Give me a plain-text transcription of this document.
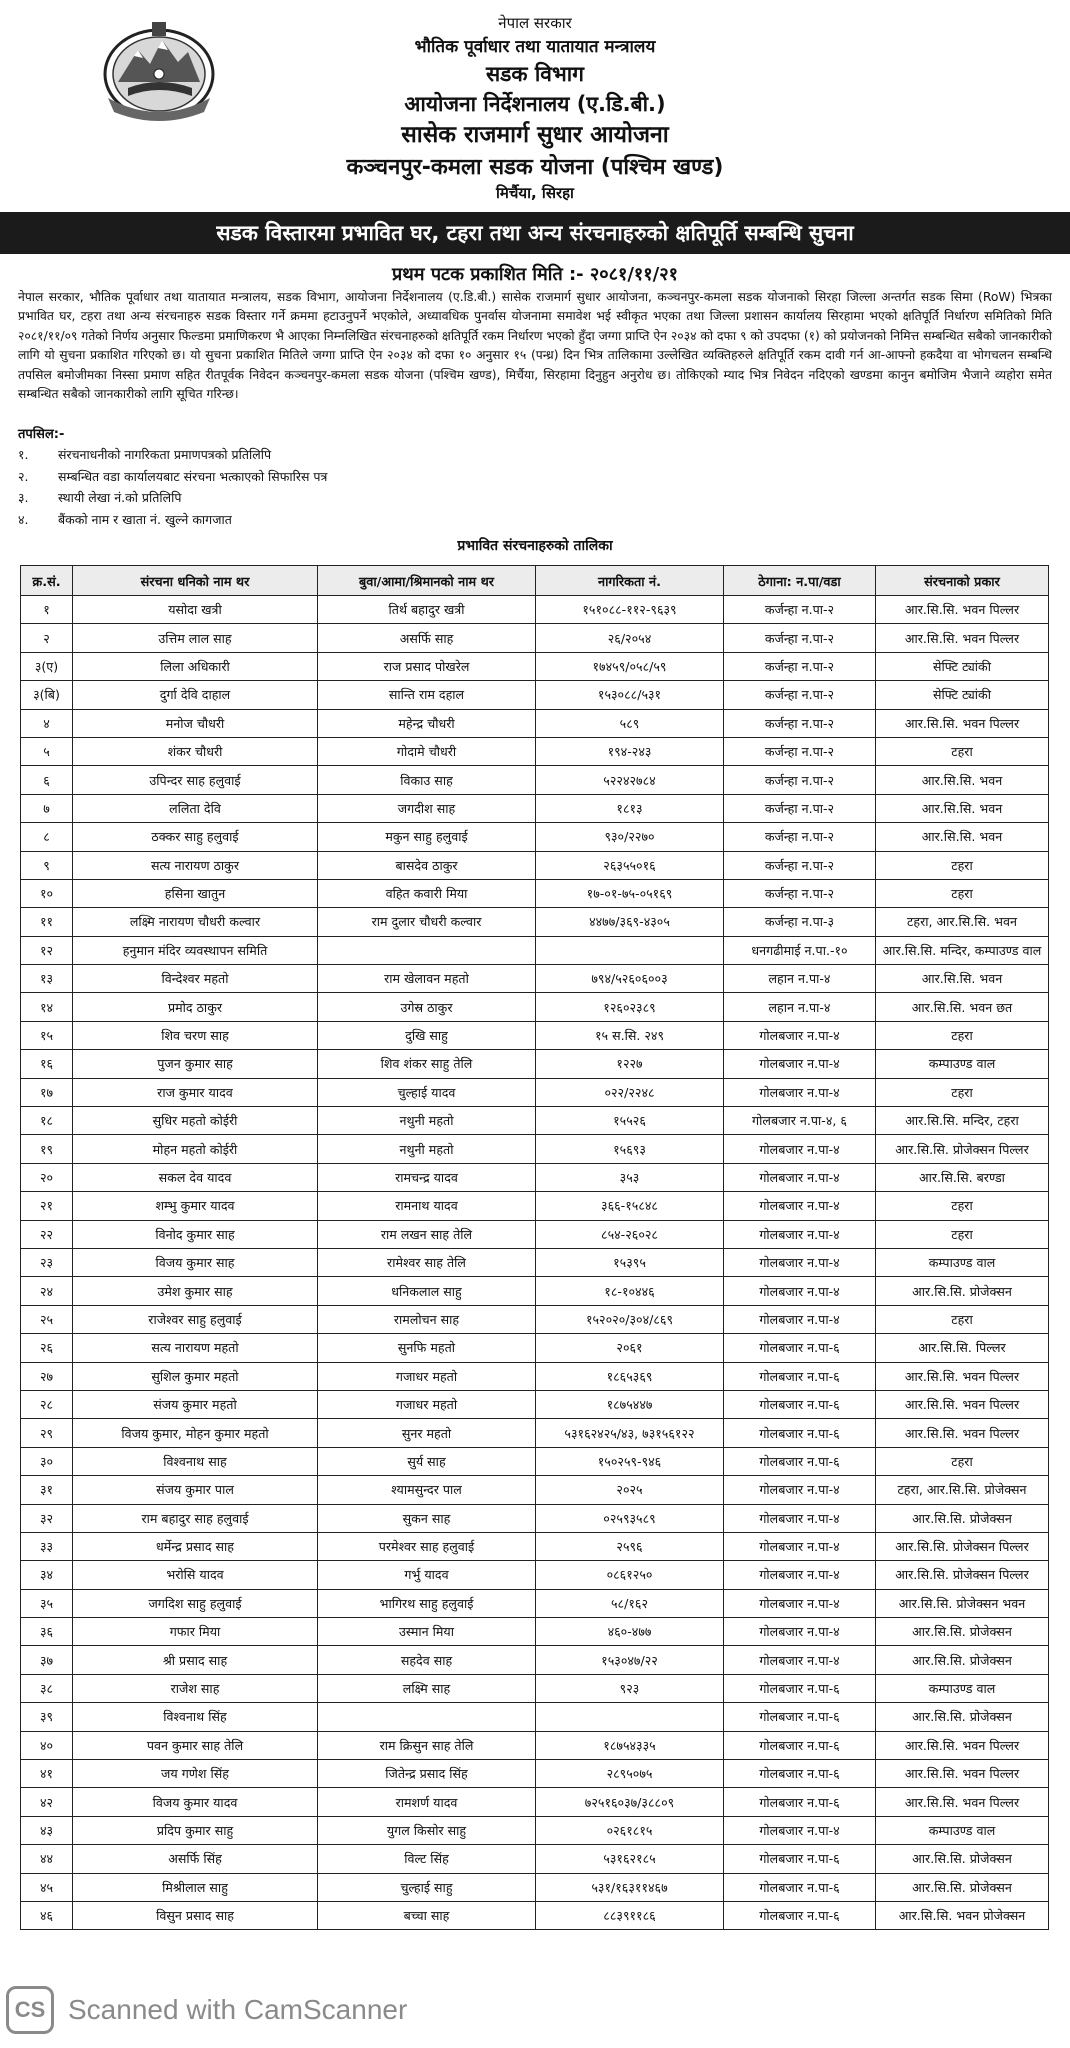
नेपाल सरकार
भौतिक पूर्वाधार तथा यातायात मन्त्रालय
सडक विभाग
आयोजना निर्देशनालय (ए.डि.बी.)
सासेक राजमार्ग सुधार आयोजना
कञ्चनपुर-कमला सडक योजना (पश्चिम खण्ड)
मिर्चैया, सिरहा
सडक विस्तारमा प्रभावित घर, टहरा तथा अन्य संरचनाहरुको क्षतिपूर्ति सम्बन्धि सुचना
प्रथम पटक प्रकाशित मिति :- २०८१/११/२१

नेपाल सरकार, भौतिक पूर्वाधार तथा यातायात मन्त्रालय, सडक विभाग, आयोजना निर्देशनालय (ए.डि.बी.) सासेक राजमार्ग सुधार आयोजना, कञ्चनपुर-कमला सडक योजनाको सिरहा जिल्ला अन्तर्गत सडक सिमा (RoW) भित्रका प्रभावित घर, टहरा तथा अन्य संरचनाहरु सडक विस्तार गर्ने क्रममा हटाउनुपर्ने भएकोले, अध्यावधिक पुनर्वास योजनामा समावेश भई स्वीकृत भएका तथा जिल्ला प्रशासन कार्यालय सिरहामा भएको क्षतिपूर्ति निर्धारण समितिको मिति २०८१/११/०९ गतेको निर्णय अनुसार फिल्डमा प्रमाणिकरण भै आएका निम्नलिखित संरचनाहरुको क्षतिपूर्ति रकम निर्धारण भएको हुँदा जग्गा प्राप्ति ऐन २०३४ को दफा ९ को उपदफा (१) को प्रयोजनको निमित्त सम्बन्धित सबैको जानकारीको लागि यो सुचना प्रकाशित गरिएको छ। यो सुचना प्रकाशित मितिले जग्गा प्राप्ति ऐन २०३४ को दफा १० अनुसार १५ (पन्ध्र) दिन भित्र तालिकामा उल्लेखित व्यक्तिहरुले क्षतिपूर्ति रकम दावी गर्न आ-आफ्नो हकदैया वा भोगचलन सम्बन्धि तपसिल बमोजीमका निस्सा प्रमाण सहित रीतपूर्वक निवेदन कञ्चनपुर-कमला सडक योजना (पश्चिम खण्ड), मिर्चैया, सिरहामा दिनुहुन अनुरोध छ। तोकिएको म्याद भित्र निवेदन नदिएको खण्डमा कानुन बमोजिम भैजाने व्यहोरा समेत सम्बन्धित सबैको जानकारीको लागि सूचित गरिन्छ।

तपसिल:-
१. संरचनाधनीको नागरिकता प्रमाणपत्रको प्रतिलिपि
२. सम्बन्धित वडा कार्यालयबाट संरचना भत्काएको सिफारिस पत्र
३. स्थायी लेखा नं.को प्रतिलिपि
४. बैंकको नाम र खाता नं. खुल्ने कागजात
प्रभावित संरचनाहरुको तालिका
क्र.सं.	संरचना धनिको नाम थर	बुवा/आमा/श्रिमानको नाम थर	नागरिकता नं.	ठेगाना: न.पा/वडा	संरचनाको प्रकार
१	यसोदा खत्री	तिर्थ बहादुर खत्री	१५१०८८-११२-९६३९	कर्जन्हा न.पा-२	आर.सि.सि. भवन पिल्लर
२	उत्तिम लाल साह	असर्फि साह	२६/२०५४	कर्जन्हा न.पा-२	आर.सि.सि. भवन पिल्लर
३(ए)	लिला अधिकारी	राज प्रसाद पोखरेल	१७४५९/०५८/५९	कर्जन्हा न.पा-२	सेफ्टि ट्यांकी
३(बि)	दुर्गा देवि दाहाल	सान्ति राम दहाल	१५३०८८/५३१	कर्जन्हा न.पा-२	सेफ्टि ट्यांकी
४	मनोज चौधरी	महेन्द्र चौधरी	५८९	कर्जन्हा न.पा-२	आर.सि.सि. भवन पिल्लर
५	शंकर चौधरी	गोदामे चौधरी	१९४-२४३	कर्जन्हा न.पा-२	टहरा
६	उपिन्दर साह हलुवाई	विकाउ साह	५२२४२७८४	कर्जन्हा न.पा-२	आर.सि.सि. भवन
७	ललिता देवि	जगदीश साह	१८१३	कर्जन्हा न.पा-२	आर.सि.सि. भवन
८	ठक्कर साहु हलुवाई	मकुन साहु हलुवाई	९३०/२२७०	कर्जन्हा न.पा-२	आर.सि.सि. भवन
९	सत्य नारायण ठाकुर	बासदेव ठाकुर	२६३५५०१६	कर्जन्हा न.पा-२	टहरा
१०	हसिना खातुन	वहित कवारी मिया	१७-०१-७५-०५१६९	कर्जन्हा न.पा-२	टहरा
११	लक्ष्मि नारायण चौधरी कल्वार	राम दुलार चौधरी कल्वार	४४७७/३६९-४३०५	कर्जन्हा न.पा-३	टहरा, आर.सि.सि. भवन
१२	हनुमान मंदिर व्यवस्थापन समिति			धनगढीमाई न.पा.-१०	आर.सि.सि. मन्दिर, कम्पाउण्ड वाल
१३	विन्देश्वर महतो	राम खेलावन महतो	७९४/५२६०६००३	लहान न.पा-४	आर.सि.सि. भवन
१४	प्रमोद ठाकुर	उगेस्र ठाकुर	१२६०२३८९	लहान न.पा-४	आर.सि.सि. भवन छत
१५	शिव चरण साह	दुखि साहु	१५ स.सि. २४९	गोलबजार न.पा-४	टहरा
१६	पुजन कुमार साह	शिव शंकर साहु तेलि	१२२७	गोलबजार न.पा-४	कम्पाउण्ड वाल
१७	राज कुमार यादव	चुल्हाई यादव	०२२/२२४८	गोलबजार न.पा-४	टहरा
१८	सुधिर महतो कोईरी	नथुनी महतो	१५५२६	गोलबजार न.पा-४, ६	आर.सि.सि. मन्दिर, टहरा
१९	मोहन महतो कोईरी	नथुनी महतो	१५६९३	गोलबजार न.पा-४	आर.सि.सि. प्रोजेक्सन पिल्लर
२०	सकल देव यादव	रामचन्द्र यादव	३५३	गोलबजार न.पा-४	आर.सि.सि. बरण्डा
२१	शम्भु कुमार यादव	रामनाथ यादव	३६६-१५८४८	गोलबजार न.पा-४	टहरा
२२	विनोद कुमार साह	राम लखन साह तेलि	८५४-२६०२८	गोलबजार न.पा-४	टहरा
२३	विजय कुमार साह	रामेश्वर साह तेलि	१५३९५	गोलबजार न.पा-४	कम्पाउण्ड वाल
२४	उमेश कुमार साह	धनिकलाल साहु	१८-१०४४६	गोलबजार न.पा-४	आर.सि.सि. प्रोजेक्सन
२५	राजेश्वर साहु हलुवाई	रामलोचन साह	१५२०२०/३०४/८६९	गोलबजार न.पा-४	टहरा
२६	सत्य नारायण महतो	सुनफि महतो	२०६१	गोलबजार न.पा-६	आर.सि.सि. पिल्लर
२७	सुशिल कुमार महतो	गजाधर महतो	१८६५३६९	गोलबजार न.पा-६	आर.सि.सि. भवन पिल्लर
२८	संजय कुमार महतो	गजाधर महतो	१८७५४४७	गोलबजार न.पा-६	आर.सि.सि. भवन पिल्लर
२९	विजय कुमार, मोहन कुमार महतो	सुनर महतो	५३१६२४२५/४३, ७३१५६१२२	गोलबजार न.पा-६	आर.सि.सि. भवन पिल्लर
३०	विश्वनाथ साह	सुर्य साह	१५०२५९-९४६	गोलबजार न.पा-६	टहरा
३१	संजय कुमार पाल	श्यामसुन्दर पाल	२०२५	गोलबजार न.पा-४	टहरा, आर.सि.सि. प्रोजेक्सन
३२	राम बहादुर साह हलुवाई	सुकन साह	०२५९३५८९	गोलबजार न.पा-४	आर.सि.सि. प्रोजेक्सन
३३	धर्मेन्द्र प्रसाद साह	परमेश्वर साह हलुवाई	२५९६	गोलबजार न.पा-४	आर.सि.सि. प्रोजेक्सन पिल्लर
३४	भरोसि यादव	गर्भु यादव	०८६१२५०	गोलबजार न.पा-४	आर.सि.सि. प्रोजेक्सन पिल्लर
३५	जगदिश साहु हलुवाई	भागिरथ साहु हलुवाई	५८/१६२	गोलबजार न.पा-४	आर.सि.सि. प्रोजेक्सन भवन
३६	गफार मिया	उस्मान मिया	४६०-४७७	गोलबजार न.पा-४	आर.सि.सि. प्रोजेक्सन
३७	श्री प्रसाद साह	सहदेव साह	१५३०४७/२२	गोलबजार न.पा-४	आर.सि.सि. प्रोजेक्सन
३८	राजेश साह	लक्ष्मि साह	९२३	गोलबजार न.पा-६	कम्पाउण्ड वाल
३९	विश्वनाथ सिंह			गोलबजार न.पा-६	आर.सि.सि. प्रोजेक्सन
४०	पवन कुमार साह तेलि	राम क्रिसुन साह तेलि	१८७५४३३५	गोलबजार न.पा-६	आर.सि.सि. भवन पिल्लर
४१	जय गणेश सिंह	जितेन्द्र प्रसाद सिंह	२८९५०७५	गोलबजार न.पा-६	आर.सि.सि. भवन पिल्लर
४२	विजय कुमार यादव	रामशर्ण यादव	७२५१६०३७/३८८०९	गोलबजार न.पा-६	आर.सि.सि. भवन पिल्लर
४३	प्रदिप कुमार साहु	युगल किसोर साहु	०२६१८१५	गोलबजार न.पा-४	कम्पाउण्ड वाल
४४	असर्फि सिंह	विल्ट सिंह	५३१६२१८५	गोलबजार न.पा-६	आर.सि.सि. प्रोजेक्सन
४५	मिश्रीलाल साहु	चुल्हाई साहु	५३१/१६३११४६७	गोलबजार न.पा-६	आर.सि.सि. प्रोजेक्सन
४६	विसुन प्रसाद साह	बच्चा साह	८८३९११८६	गोलबजार न.पा-६	आर.सि.सि. भवन प्रोजेक्सन
CS Scanned with CamScanner
